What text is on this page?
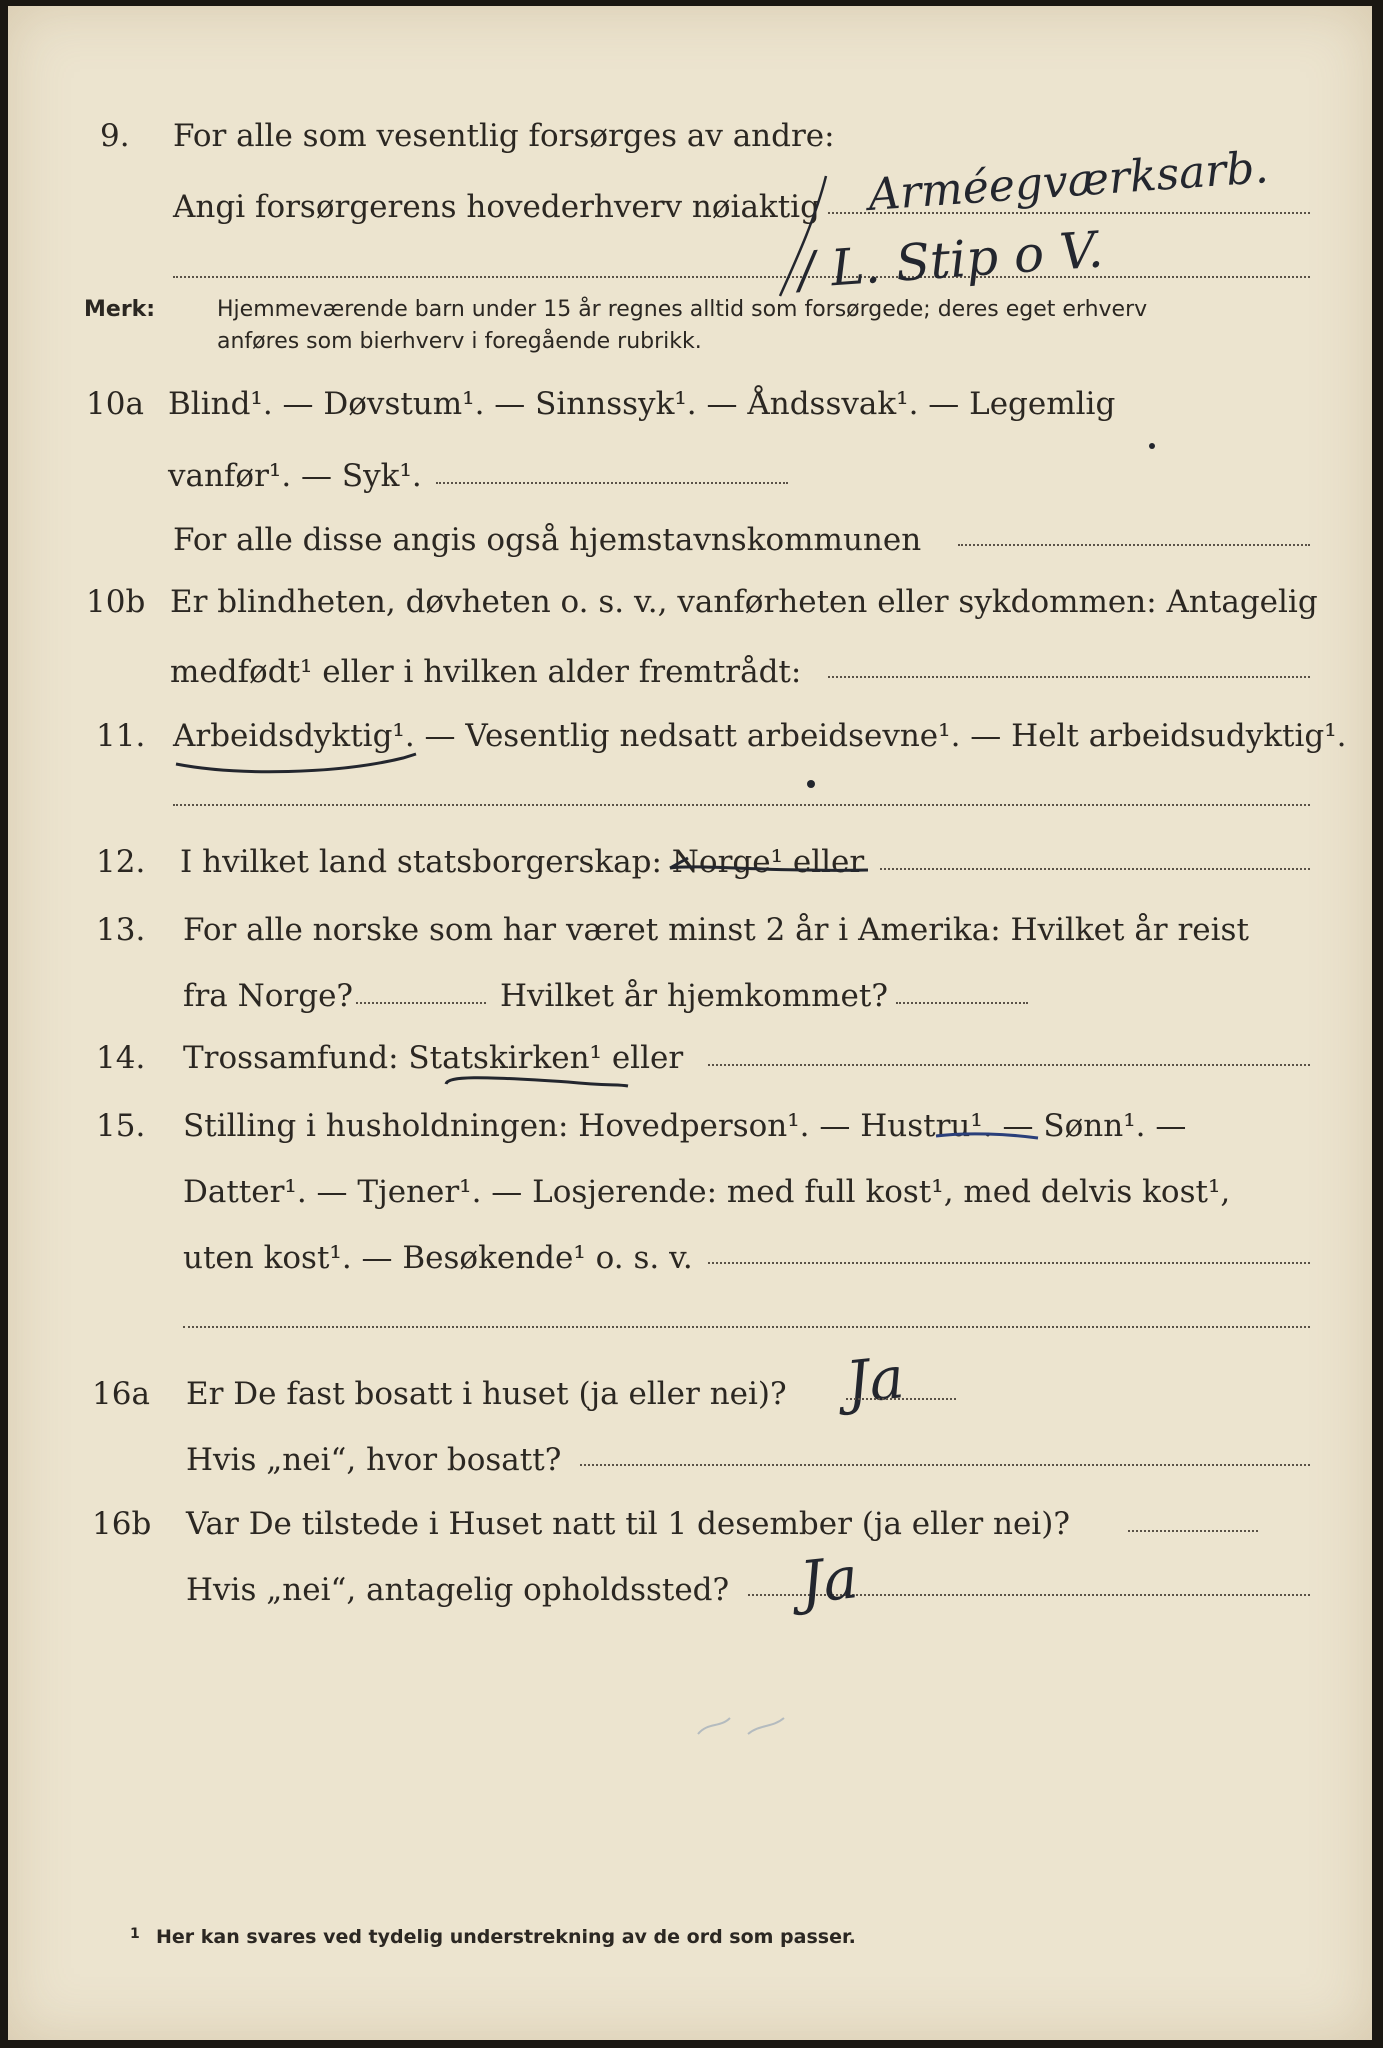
9. For alle som vesentlig forsørges av andre:
Angi forsørgerens hovederhverv nøiaktig Arméegværksarb.
/ L. Stip o V.
Merk:	Hjemmeværende barn under 15 år regnes alltid som forsørgede; deres eget erhverv
anføres som bierhverv i foregående rubrikk.
10a Blind¹. — Døvstum¹. — Sinnssyk¹. — Åndssvak¹. — Legemlig
vanfør¹. — Syk¹.
For alle disse angis også hjemstavnskommunen
10b Er blindheten, døvheten o. s. v., vanførheten eller sykdommen: Antagelig
medfødt¹ eller i hvilken alder fremtrådt:
11. Arbeidsdyktig¹. — Vesentlig nedsatt arbeidsevne¹. — Helt arbeidsudyktig¹.
12. I hvilket land statsborgerskap: Norge¹ eller
13. For alle norske som har været minst 2 år i Amerika: Hvilket år reist
fra Norge?	Hvilket år hjemkommet?
14. Trossamfund: Statskirken¹ eller
15. Stilling i husholdningen: Hovedperson¹. — Hustru¹. — Sønn¹. —
Datter¹. — Tjener¹. — Losjerende: med full kost¹, med delvis kost¹,
uten kost¹. — Besøkende¹ o. s. v.
16a Er De fast bosatt i huset (ja eller nei)? Ja
Hvis „nei“, hvor bosatt?
16b Var De tilstede i Huset natt til 1 desember (ja eller nei)?
Hvis „nei“, antagelig opholdssted? Ja
$^1$ Her kan svares ved tydelig understrekning av de ord som passer.
